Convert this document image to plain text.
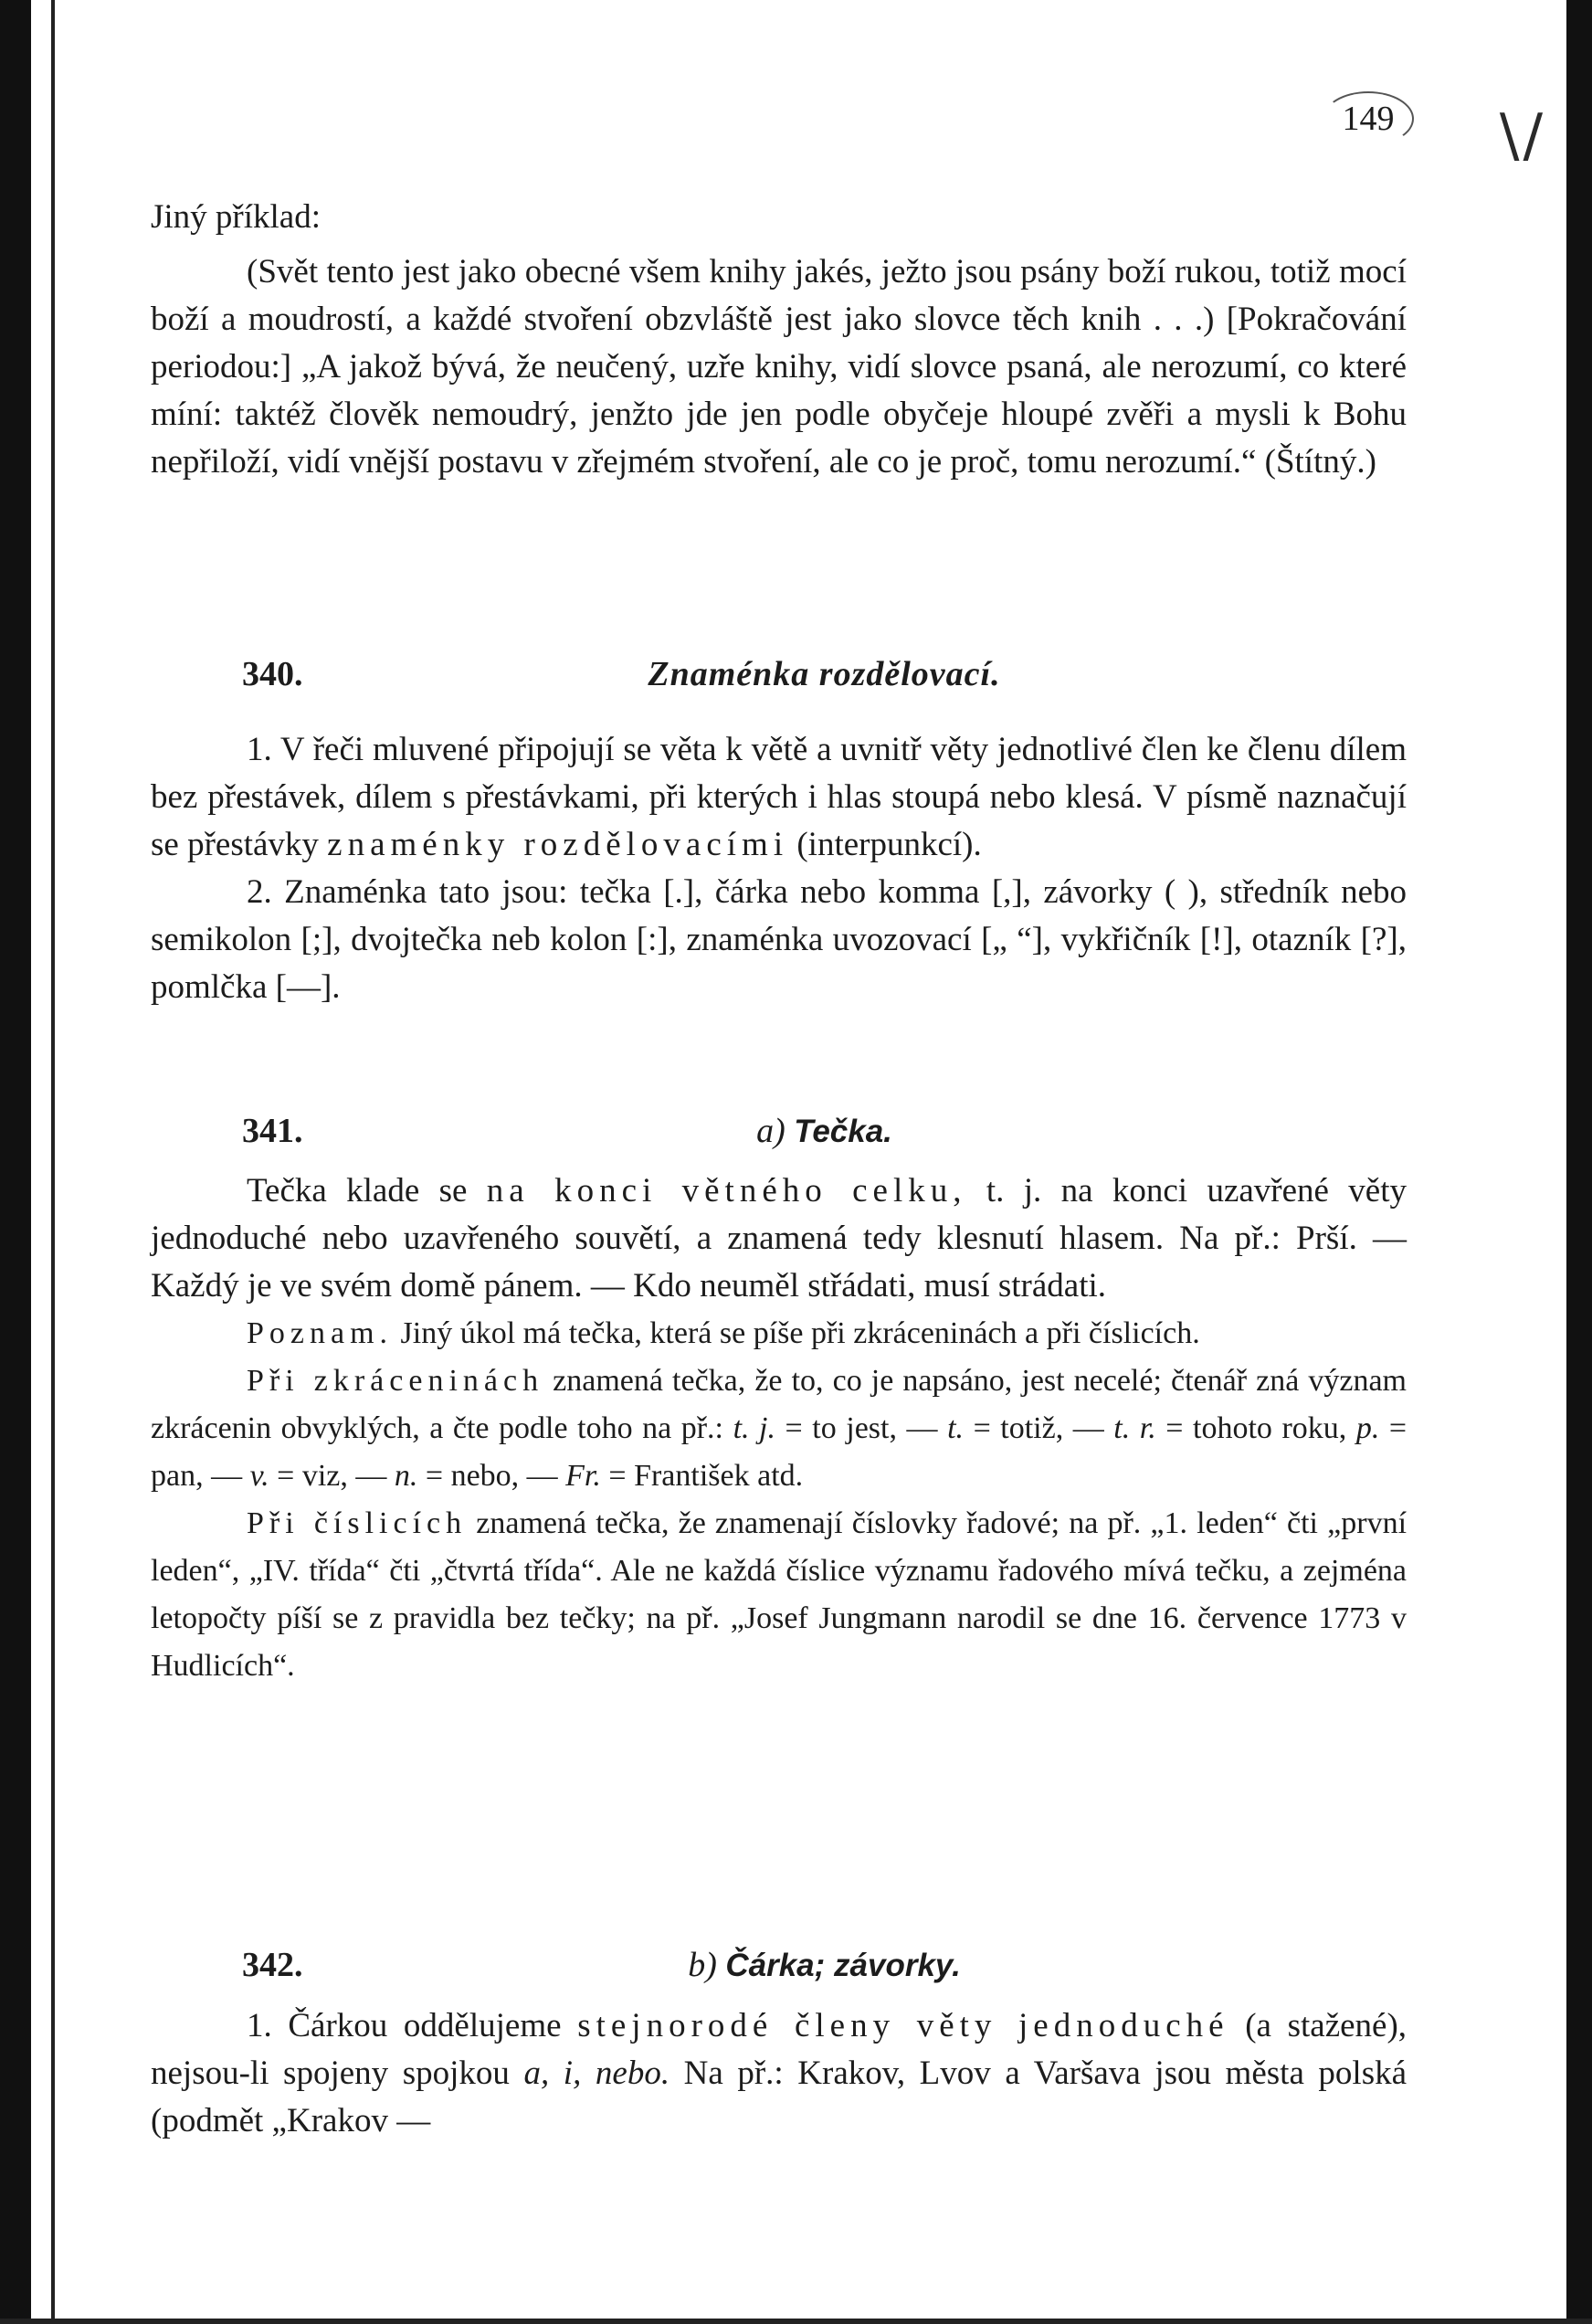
149	\/

Jiný příklad:

(Svět tento jest jako obecné všem knihy jakés, ježto jsou psány boží rukou, totiž mocí boží a moudrostí, a každé stvoření obzvláště jest jako slovce těch knih . . .) [Pokračování periodou:] „A jakož bývá, že neučený, uzře knihy, vidí slovce psaná, ale nerozumí, co které míní: taktéž člověk nemoudrý, jenžto jde jen podle obyčeje hloupé zvěři a mysli k Bohu nepřiloží, vidí vnější postavu v zřejmém stvoření, ale co je proč, tomu nerozumí.“ (Štítný.)

340.	Znaménka rozdělovací.

1. V řeči mluvené připojují se věta k větě a uvnitř věty jednotlivé člen ke členu dílem bez přestávek, dílem s přestávkami, při kterých i hlas stoupá nebo klesá. V písmě naznačují se přestávky znaménky rozdělovacími (interpunkcí).

2. Znaménka tato jsou: tečka [.], čárka nebo komma [,], závorky ( ), středník nebo semikolon [;], dvojtečka neb kolon [:], znaménka uvozovací [„ “], vykřičník [!], otazník [?], pomlčka [—].

341.	a) Tečka.

Tečka klade se na konci větného celku, t. j. na konci uzavřené věty jednoduché nebo uzavřeného souvětí, a znamená tedy klesnutí hlasem. Na př.: Prší. — Každý je ve svém domě pánem. — Kdo neuměl střádati, musí strádati.

Poznam. Jiný úkol má tečka, která se píše při zkráceninách a při číslicích.

Při zkráceninách znamená tečka, že to, co je napsáno, jest necelé; čtenář zná význam zkrácenin obvyklých, a čte podle toho na př.: t. j. = to jest, — t. = totiž, — t. r. = tohoto roku, p. = pan, — v. = viz, — n. = nebo, — Fr. = František atd.

Při číslicích znamená tečka, že znamenají číslovky řadové; na př. „1. leden“ čti „první leden“, „IV. třída“ čti „čtvrtá třída“. Ale ne každá číslice významu řadového mívá tečku, a zejména letopočty píší se z pravidla bez tečky; na př. „Josef Jungmann narodil se dne 16. července 1773 v Hudlicích“.

342.	b) Čárka; závorky.

1. Čárkou oddělujeme stejnorodé členy věty jednoduché (a stažené), nejsou-li spojeny spojkou a, i, nebo. Na př.: Krakov, Lvov a Varšava jsou města polská (podmět „Krakov —
